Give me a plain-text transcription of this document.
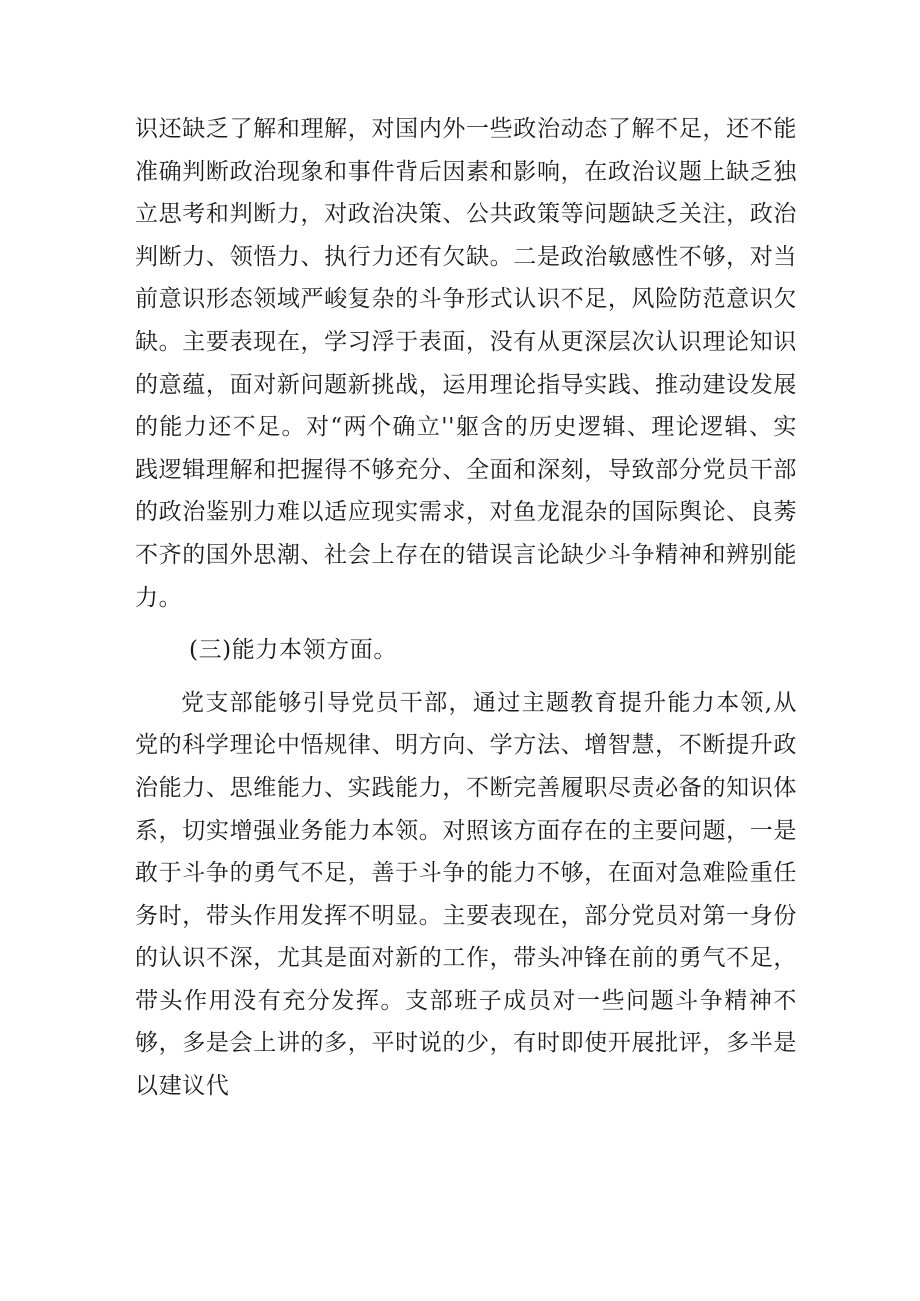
识还缺乏了解和理解，对国内外一些政治动态了解不足，还不能准确判断政治现象和事件背后因素和影响，在政治议题上缺乏独立思考和判断力，对政治决策、公共政策等问题缺乏关注，政治判断力、领悟力、执行力还有欠缺。二是政治敏感性不够，对当前意识形态领域严峻复杂的斗争形式认识不足，风险防范意识欠缺。主要表现在，学习浮于表面，没有从更深层次认识理论知识的意蕴，面对新问题新挑战，运用理论指导实践、推动建设发展的能力还不足。对“两个确立''躯含的历史逻辑、理论逻辑、实践逻辑理解和把握得不够充分、全面和深刻，导致部分党员干部的政治鉴别力难以适应现实需求，对鱼龙混杂的国际舆论、良莠不齐的国外思潮、社会上存在的错误言论缺少斗争精神和辨别能力。

(三)能力本领方面。

党支部能够引导党员干部，通过主题教育提升能力本领,从党的科学理论中悟规律、明方向、学方法、增智慧，不断提升政治能力、思维能力、实践能力，不断完善履职尽责必备的知识体系，切实增强业务能力本领。对照该方面存在的主要问题，一是敢于斗争的勇气不足，善于斗争的能力不够，在面对急难险重任务时，带头作用发挥不明显。主要表现在，部分党员对第一身份的认识不深，尤其是面对新的工作，带头冲锋在前的勇气不足，带头作用没有充分发挥。支部班子成员对一些问题斗争精神不够，多是会上讲的多，平时说的少，有时即使开展批评，多半是以建议代
